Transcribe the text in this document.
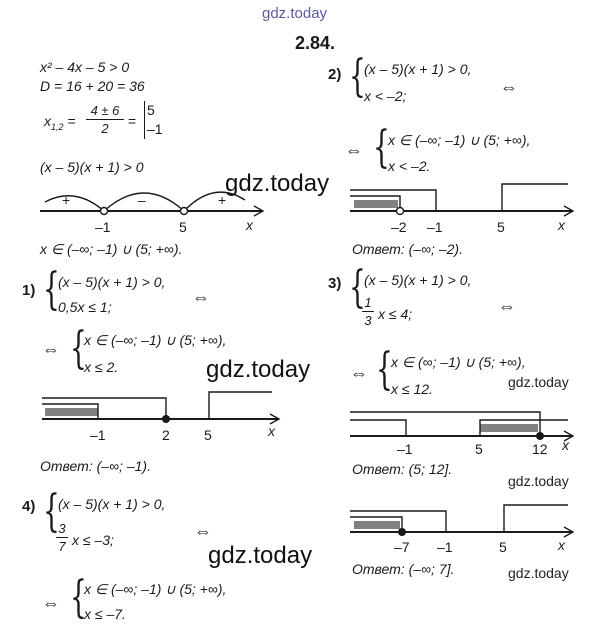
gdz.today
2.84.
x² – 4x – 5 > 0
D = 16 + 20 = 36
$x_{1,2}$ =
4 ± 6
2	=
5
–1
(x – 5)(x + 1) > 0
+	–	+
–1	5	x
x ∈ (–∞; –1) ∪ (5; +∞).
1) {
(x – 5)(x + 1) > 0,
0,5x ≤ 1;	⇔
⇔ {
x ∈ (–∞; –1) ∪ (5; +∞),
x ≤ 2.
–1	2 5	x
Ответ: (–∞; –1).
2) {
(x – 5)(x + 1) > 0,
x < –2;	⇔
⇔ {
x ∈ (–∞; –1) ∪ (5; +∞),
x < –2.
–2 –1	5	x
Ответ: (–∞; –2).
3) {
(x – 5)(x + 1) > 0,
1
3 x ≤ 4;	⇔
⇔ {
x ∈ (∞; –1) ∪ (5; +∞),
x ≤ 12.	gdz.today
–1	5	12 x
Ответ: (5; 12].
gdz.today
4) {
(x – 5)(x + 1) > 0,
3
7 x ≤ –3;	⇔
⇔ {
x ∈ (–∞; –1) ∪ (5; +∞),
x ≤ –7.
–7 –1	5	x
Ответ: (–∞; 7].	gdz.today
gdz.today
gdz.today
gdz.today
